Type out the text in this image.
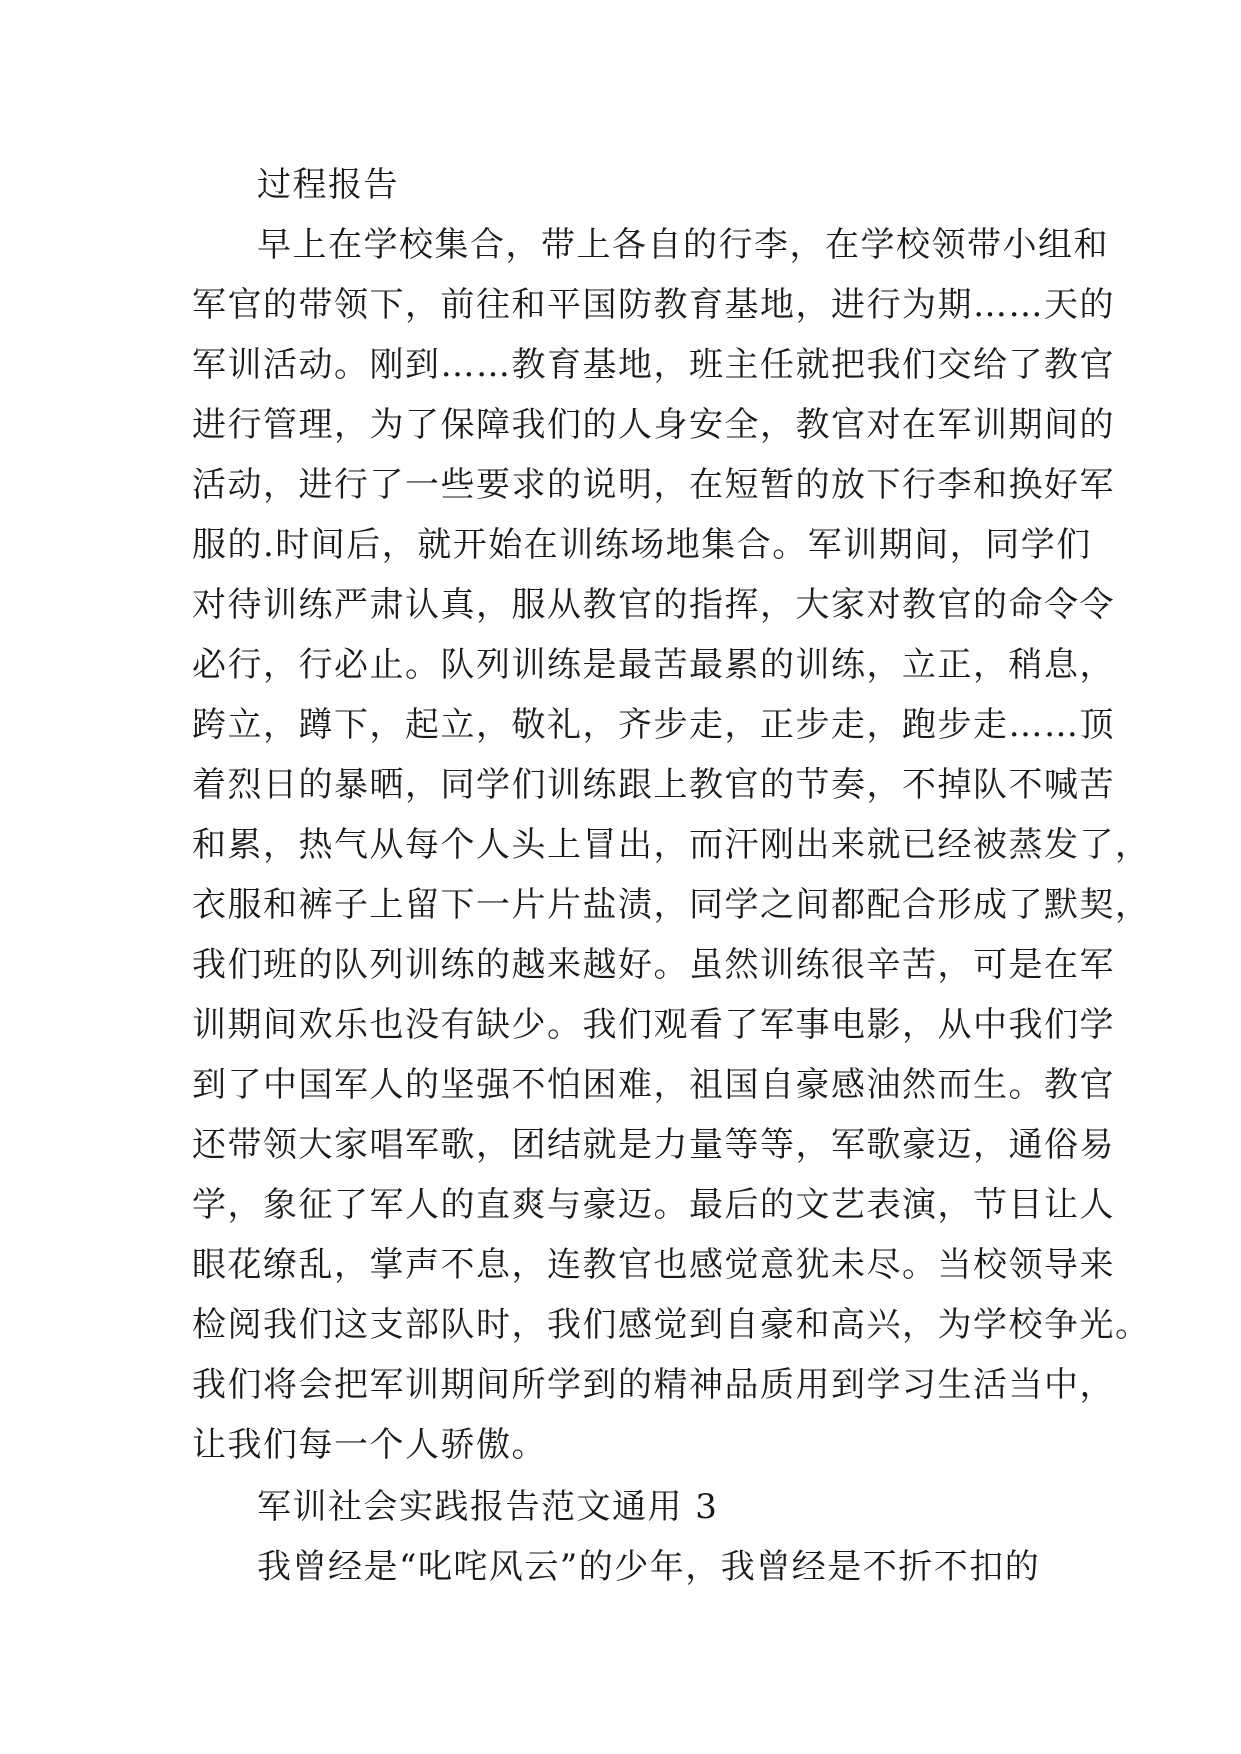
过程报告
早上在学校集合，带上各自的行李，在学校领带小组和
军官的带领下，前往和平国防教育基地，进行为期……天的
军训活动。刚到……教育基地，班主任就把我们交给了教官
进行管理，为了保障我们的人身安全，教官对在军训期间的
活动，进行了一些要求的说明，在短暂的放下行李和换好军
服的.时间后，就开始在训练场地集合。军训期间，同学们
对待训练严肃认真，服从教官的指挥，大家对教官的命令令
必行，行必止。队列训练是最苦最累的训练，立正，稍息，
跨立，蹲下，起立，敬礼，齐步走，正步走，跑步走……顶
着烈日的暴晒，同学们训练跟上教官的节奏，不掉队不喊苦
和累，热气从每个人头上冒出，而汗刚出来就已经被蒸发了，
衣服和裤子上留下一片片盐渍，同学之间都配合形成了默契，
我们班的队列训练的越来越好。虽然训练很辛苦，可是在军
训期间欢乐也没有缺少。我们观看了军事电影，从中我们学
到了中国军人的坚强不怕困难，祖国自豪感油然而生。教官
还带领大家唱军歌，团结就是力量等等，军歌豪迈，通俗易
学，象征了军人的直爽与豪迈。最后的文艺表演，节目让人
眼花缭乱，掌声不息，连教官也感觉意犹未尽。当校领导来
检阅我们这支部队时，我们感觉到自豪和高兴，为学校争光。
我们将会把军训期间所学到的精神品质用到学习生活当中，
让我们每一个人骄傲。
军训社会实践报告范文通用 3
我曾经是“叱咤风云”的少年，我曾经是不折不扣的
